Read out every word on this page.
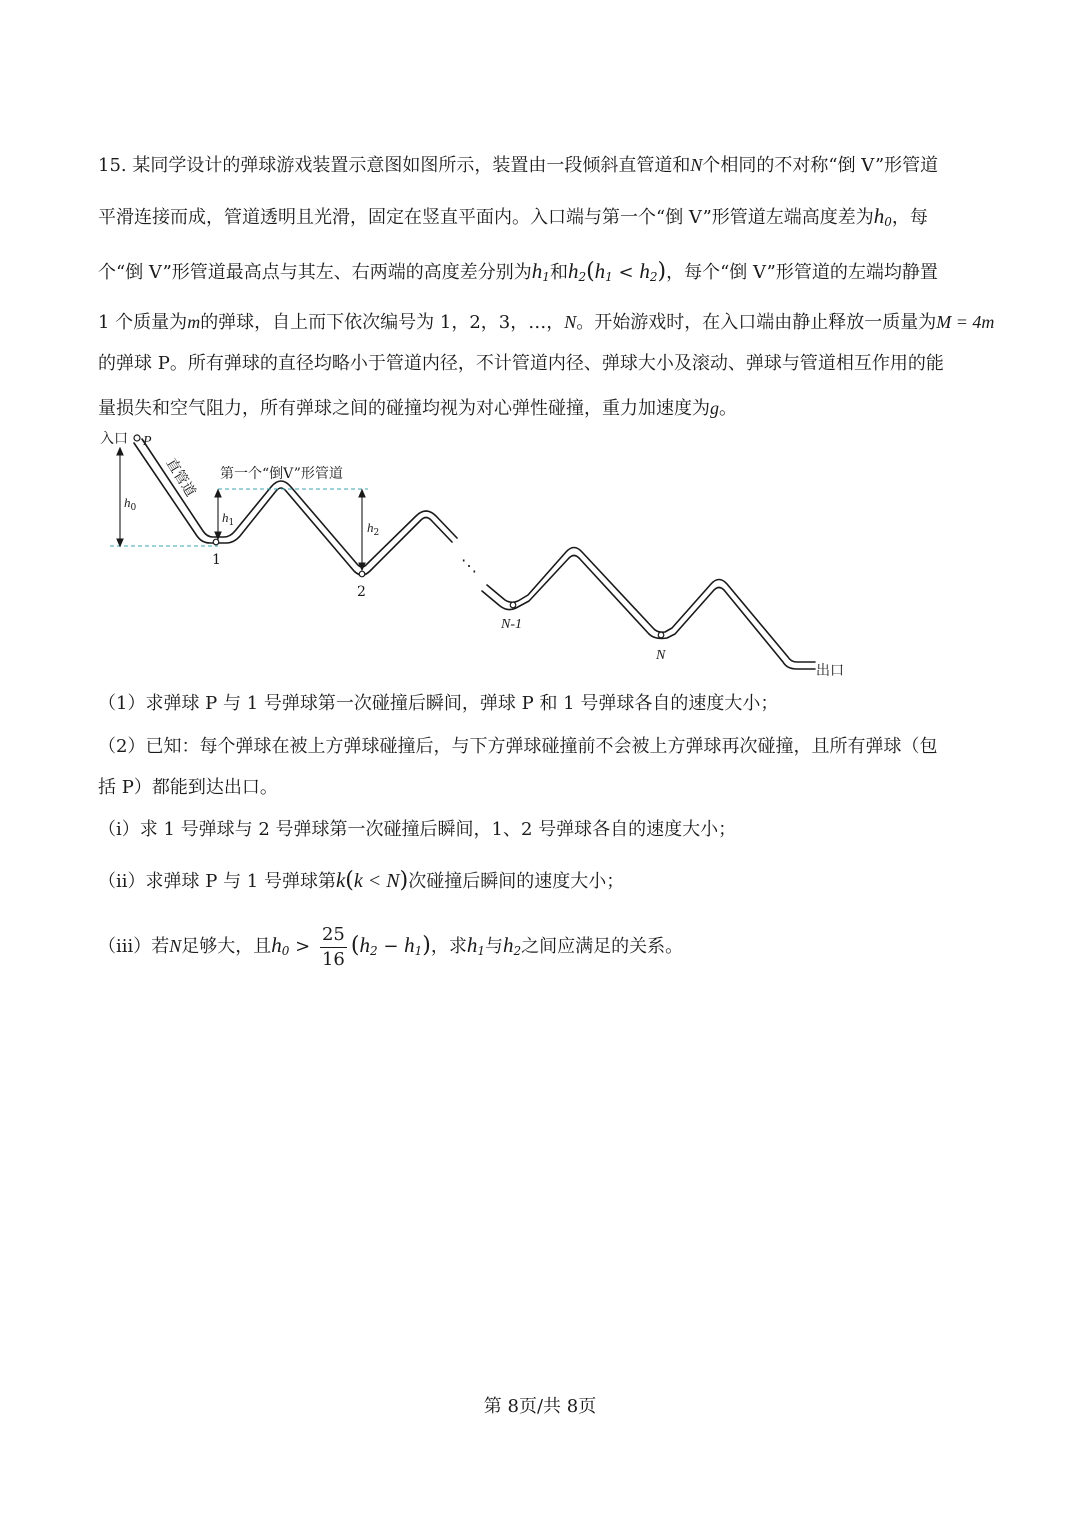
15. 某同学设计的弹球游戏装置示意图如图所示，装置由一段倾斜直管道和N个相同的不对称“倒 V”形管道
平滑连接而成，管道透明且光滑，固定在竖直平面内。入口端与第一个“倒 V”形管道左端高度差为$h_0$，每
个“倒 V”形管道最高点与其左、右两端的高度差分别为$h_1$和$h_2(h_1 < h_2)$，每个“倒 V”形管道的左端均静置
1 个质量为m的弹球，自上而下依次编号为 1，2，3，…，N。开始游戏时，在入口端由静止释放一质量为M = 4m
的弹球 P。所有弹球的直径均略小于管道内径，不计管道内径、弹球大小及滚动、弹球与管道相互作用的能
量损失和空气阻力，所有弹球之间的碰撞均视为对心弹性碰撞，重力加速度为g。
入口 P
直管道 第一个“倒V”形管道
$h_0$
$h_1$	$h_2$
1
2
⋱
N-1
N
出口
（1）求弹球 P 与 1 号弹球第一次碰撞后瞬间，弹球 P 和 1 号弹球各自的速度大小；
（2）已知：每个弹球在被上方弹球碰撞后，与下方弹球碰撞前不会被上方弹球再次碰撞，且所有弹球（包
括 P）都能到达出口。
（i）求 1 号弹球与 2 号弹球第一次碰撞后瞬间，1、2 号弹球各自的速度大小；
（ii）求弹球 P 与 1 号弹球第k(k < N)次碰撞后瞬间的速度大小；
（iii）若N足够大，且$h_0 > \frac{25}{16} (h_2 - h_1)$，求$h_1$与$h_2$之间应满足的关系。
第 8页/共 8页
